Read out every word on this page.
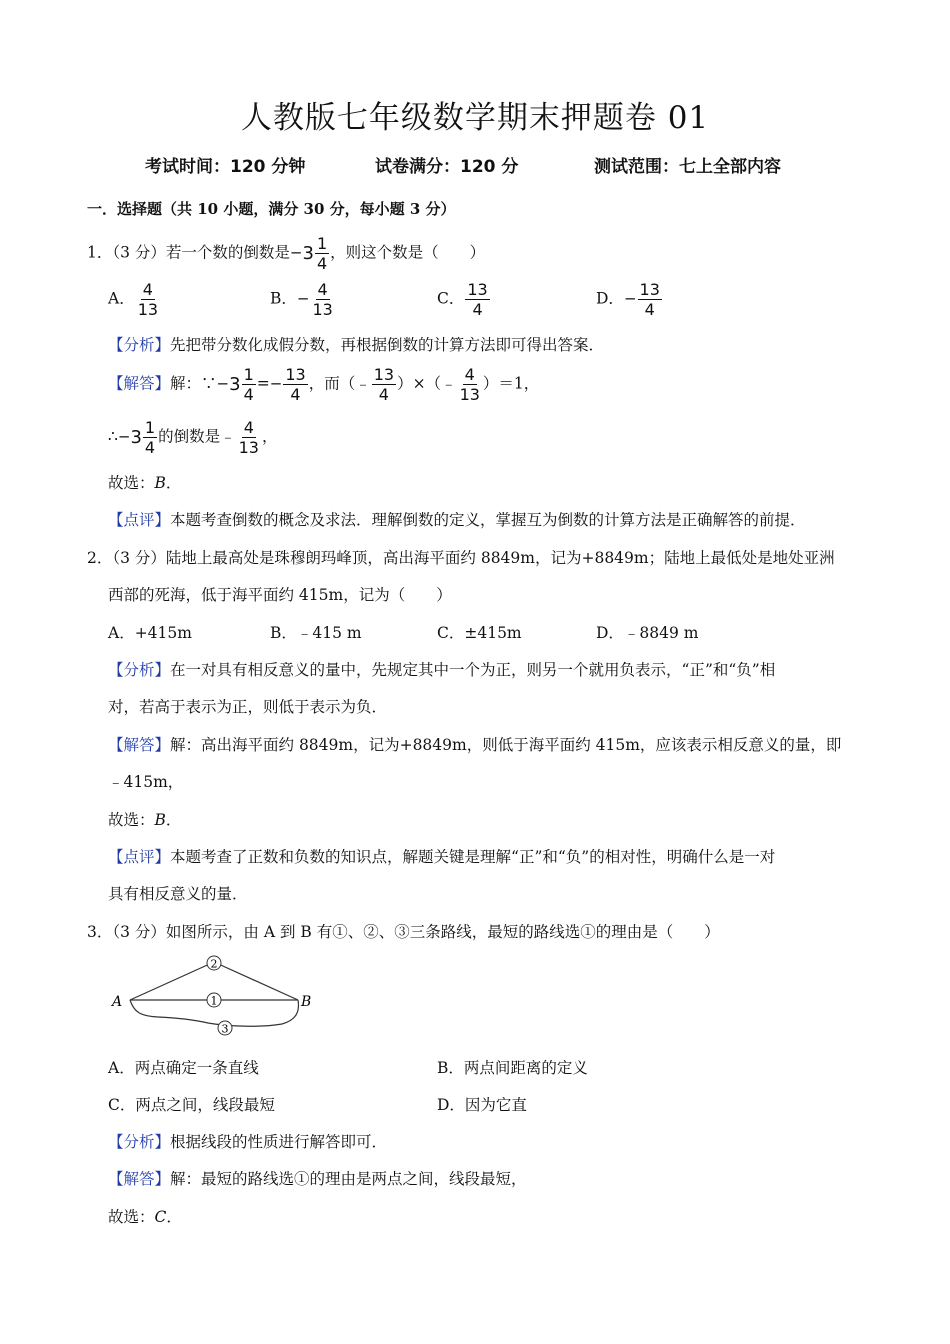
人教版七年级数学期末押题卷 01
考试时间：120 分钟	试卷满分：120 分	测试范围：七上全部内容
一．选择题（共 10 小题，满分 30 分，每小题 3 分）
1．（3 分）若一个数的倒数是$-3 \frac{1}{4}$ ，则这个数是（　　）
A． $\frac{4}{13}$	B．− $\frac{4}{13}$	C． $\frac{13}{4}$	D．− $\frac{13}{4}$
【分析】先把带分数化成假分数，再根据倒数的计算方法即可得出答案．
【解答】解：∵−3 $\frac{1}{4} =- \frac{13}{4}$ ，而（﹣ $\frac{13}{4}$ ）×（﹣ $\frac{4}{13} )=1$，
∴−3 $\frac{1}{4}$ 的倒数是﹣ $\frac{4}{13}$ ，
故选：B．
【点评】本题考查倒数的概念及求法．理解倒数的定义，掌握互为倒数的计算方法是正确解答的前提．
2．（3 分）陆地上最高处是珠穆朗玛峰顶，高出海平面约 8849m，记为+8849m；陆地上最低处是地处亚洲
西部的死海，低于海平面约 415m，记为（　　）
A．+415m	B．﹣415 m	C．±415m	D．﹣8849 m
【分析】在一对具有相反意义的量中，先规定其中一个为正，则另一个就用负表示，“正”和“负”相
对，若高于表示为正，则低于表示为负．
【解答】解：高出海平面约 8849m，记为+8849m，则低于海平面约 415m，应该表示相反意义的量，即
﹣415m，
故选：B．
【点评】本题考查了正数和负数的知识点，解题关键是理解“正”和“负”的相对性，明确什么是一对
具有相反意义的量．
3．（3 分）如图所示，由 A 到 B 有①、②、③三条路线，最短的路线选①的理由是（　　）
2
1
3
A	B
A．两点确定一条直线	B．两点间距离的定义
C．两点之间，线段最短	D．因为它直
【分析】根据线段的性质进行解答即可．
【解答】解：最短的路线选①的理由是两点之间，线段最短，
故选：C．
